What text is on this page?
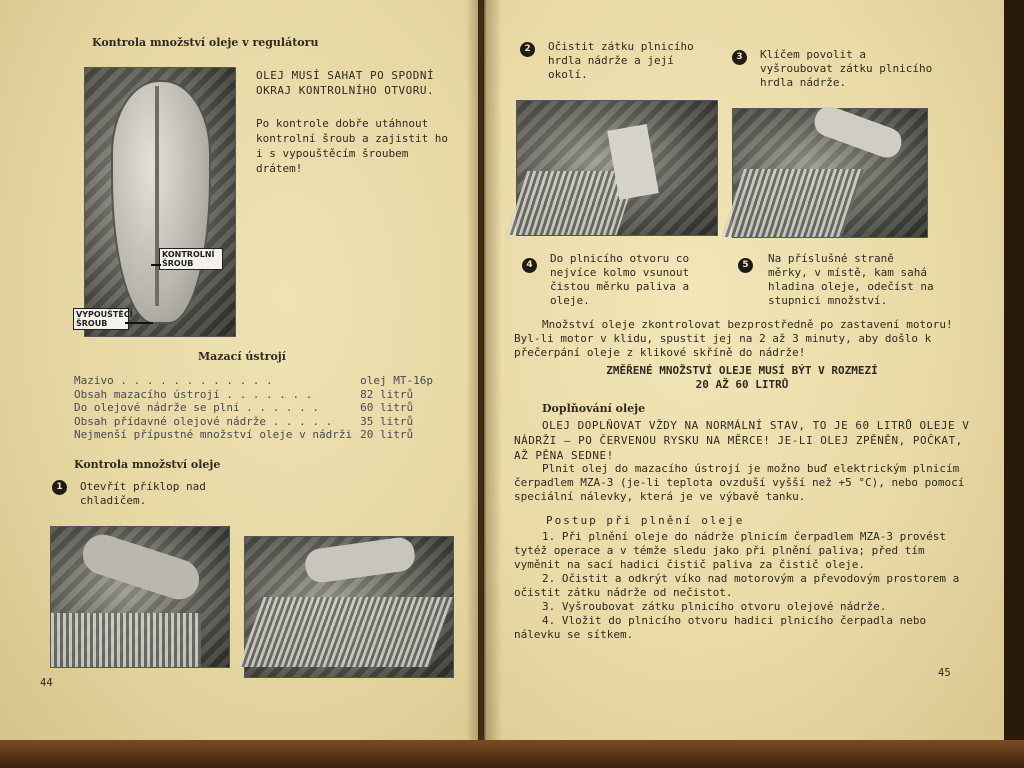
Kontrola množství oleje v regulátoru
KONTROLNÍ ŠROUB
VYPOUŠTĚCÍ ŠROUB
OLEJ MUSÍ SAHAT PO SPODNÍ OKRAJ KONTROLNÍHO OTVORU.
Po kontrole dobře utáhnout kontrolní šroub a zajistit ho i s vypouštěcím šroubem drátem!
Mazací ústrojí
Mazivo . . . . . . . . . . . .	olej MT-16p
Obsah mazacího ústrojí . . . . . . .	82 litrů
Do olejové nádrže se plní . . . . . .	60 litrů
Obsah přídavné olejové nádrže . . . . .	35 litrů
Nejmenší přípustné množství oleje v nádrži	20 litrů
Kontrola množství oleje
1	Otevřít příklop nad chladičem.
44
2	Očistit zátku plnicího hrdla nádrže a její okolí.
3	Klíčem povolit a vyšroubovat zátku plnicího hrdla nádrže.
4	Do plnicího otvoru co nejvíce kolmo vsunout čistou měrku paliva a oleje.
5	Na příslušné straně měrky, v místě, kam sahá hladina oleje, odečíst na stupnici množství.
Množství oleje zkontrolovat bezprostředně po zastavení motoru! Byl-li motor v klidu, spustit jej na 2 až 3 minuty, aby došlo k přečerpání oleje z klikové skříně do nádrže!
ZMĚŘENÉ MNOŽSTVÍ OLEJE MUSÍ BÝT V ROZMEZÍ
20 AŽ 60 LITRŮ
Doplňování oleje
OLEJ DOPLŇOVAT VŽDY NA NORMÁLNÍ STAV, TO JE 60 LITRŮ OLEJE V NÁDRŽI — PO ČERVENOU RYSKU NA MĚRCE! JE-LI OLEJ ZPĚNĚN, POČKAT, AŽ PĚNA SEDNE!
Plnit olej do mazacího ústrojí je možno buď elektrickým plnicím čerpadlem MZA-3 (je-li teplota ovzduší vyšší než +5 °C), nebo pomocí speciální nálevky, která je ve výbavě tanku.
Postup při plnění oleje
1. Při plnění oleje do nádrže plnicím čerpadlem MZA-3 provést tytéž operace a v témže sledu jako při plnění paliva; před tím vyměnit na sací hadici čistič paliva za čistič oleje.
2. Očistit a odkrýt víko nad motorovým a převodovým prostorem a očistit zátku nádrže od nečistot.
3. Vyšroubovat zátku plnicího otvoru olejové nádrže.
4. Vložit do plnicího otvoru hadici plnicího čerpadla nebo nálevku se sítkem.
45
